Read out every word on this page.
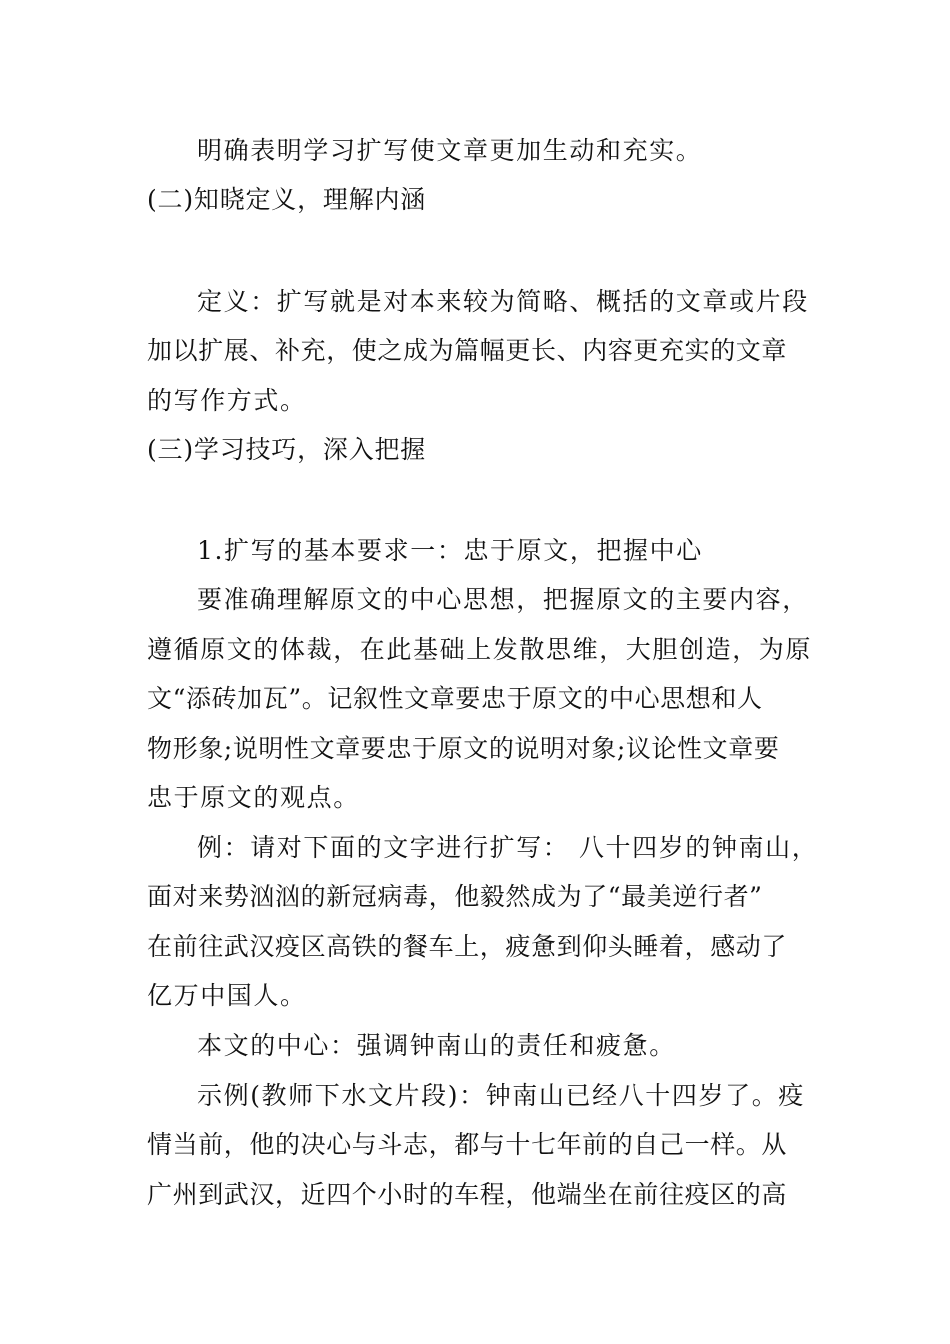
明确表明学习扩写使文章更加生动和充实。
(二)知晓定义，理解内涵
定义：扩写就是对本来较为简略、概括的文章或片段
加以扩展、补充，使之成为篇幅更长、内容更充实的文章
的写作方式。
(三)学习技巧，深入把握
1.扩写的基本要求一：忠于原文，把握中心
要准确理解原文的中心思想，把握原文的主要内容，
遵循原文的体裁，在此基础上发散思维，大胆创造，为原
文“添砖加瓦”。记叙性文章要忠于原文的中心思想和人
物形象;说明性文章要忠于原文的说明对象;议论性文章要
忠于原文的观点。
例：请对下面的文字进行扩写： 八十四岁的钟南山，
面对来势汹汹的新冠病毒，他毅然成为了“最美逆行者”
在前往武汉疫区高铁的餐车上，疲惫到仰头睡着，感动了
亿万中国人。
本文的中心：强调钟南山的责任和疲惫。
示例(教师下水文片段)：钟南山已经八十四岁了。疫
情当前，他的决心与斗志，都与十七年前的自己一样。从
广州到武汉，近四个小时的车程，他端坐在前往疫区的高
